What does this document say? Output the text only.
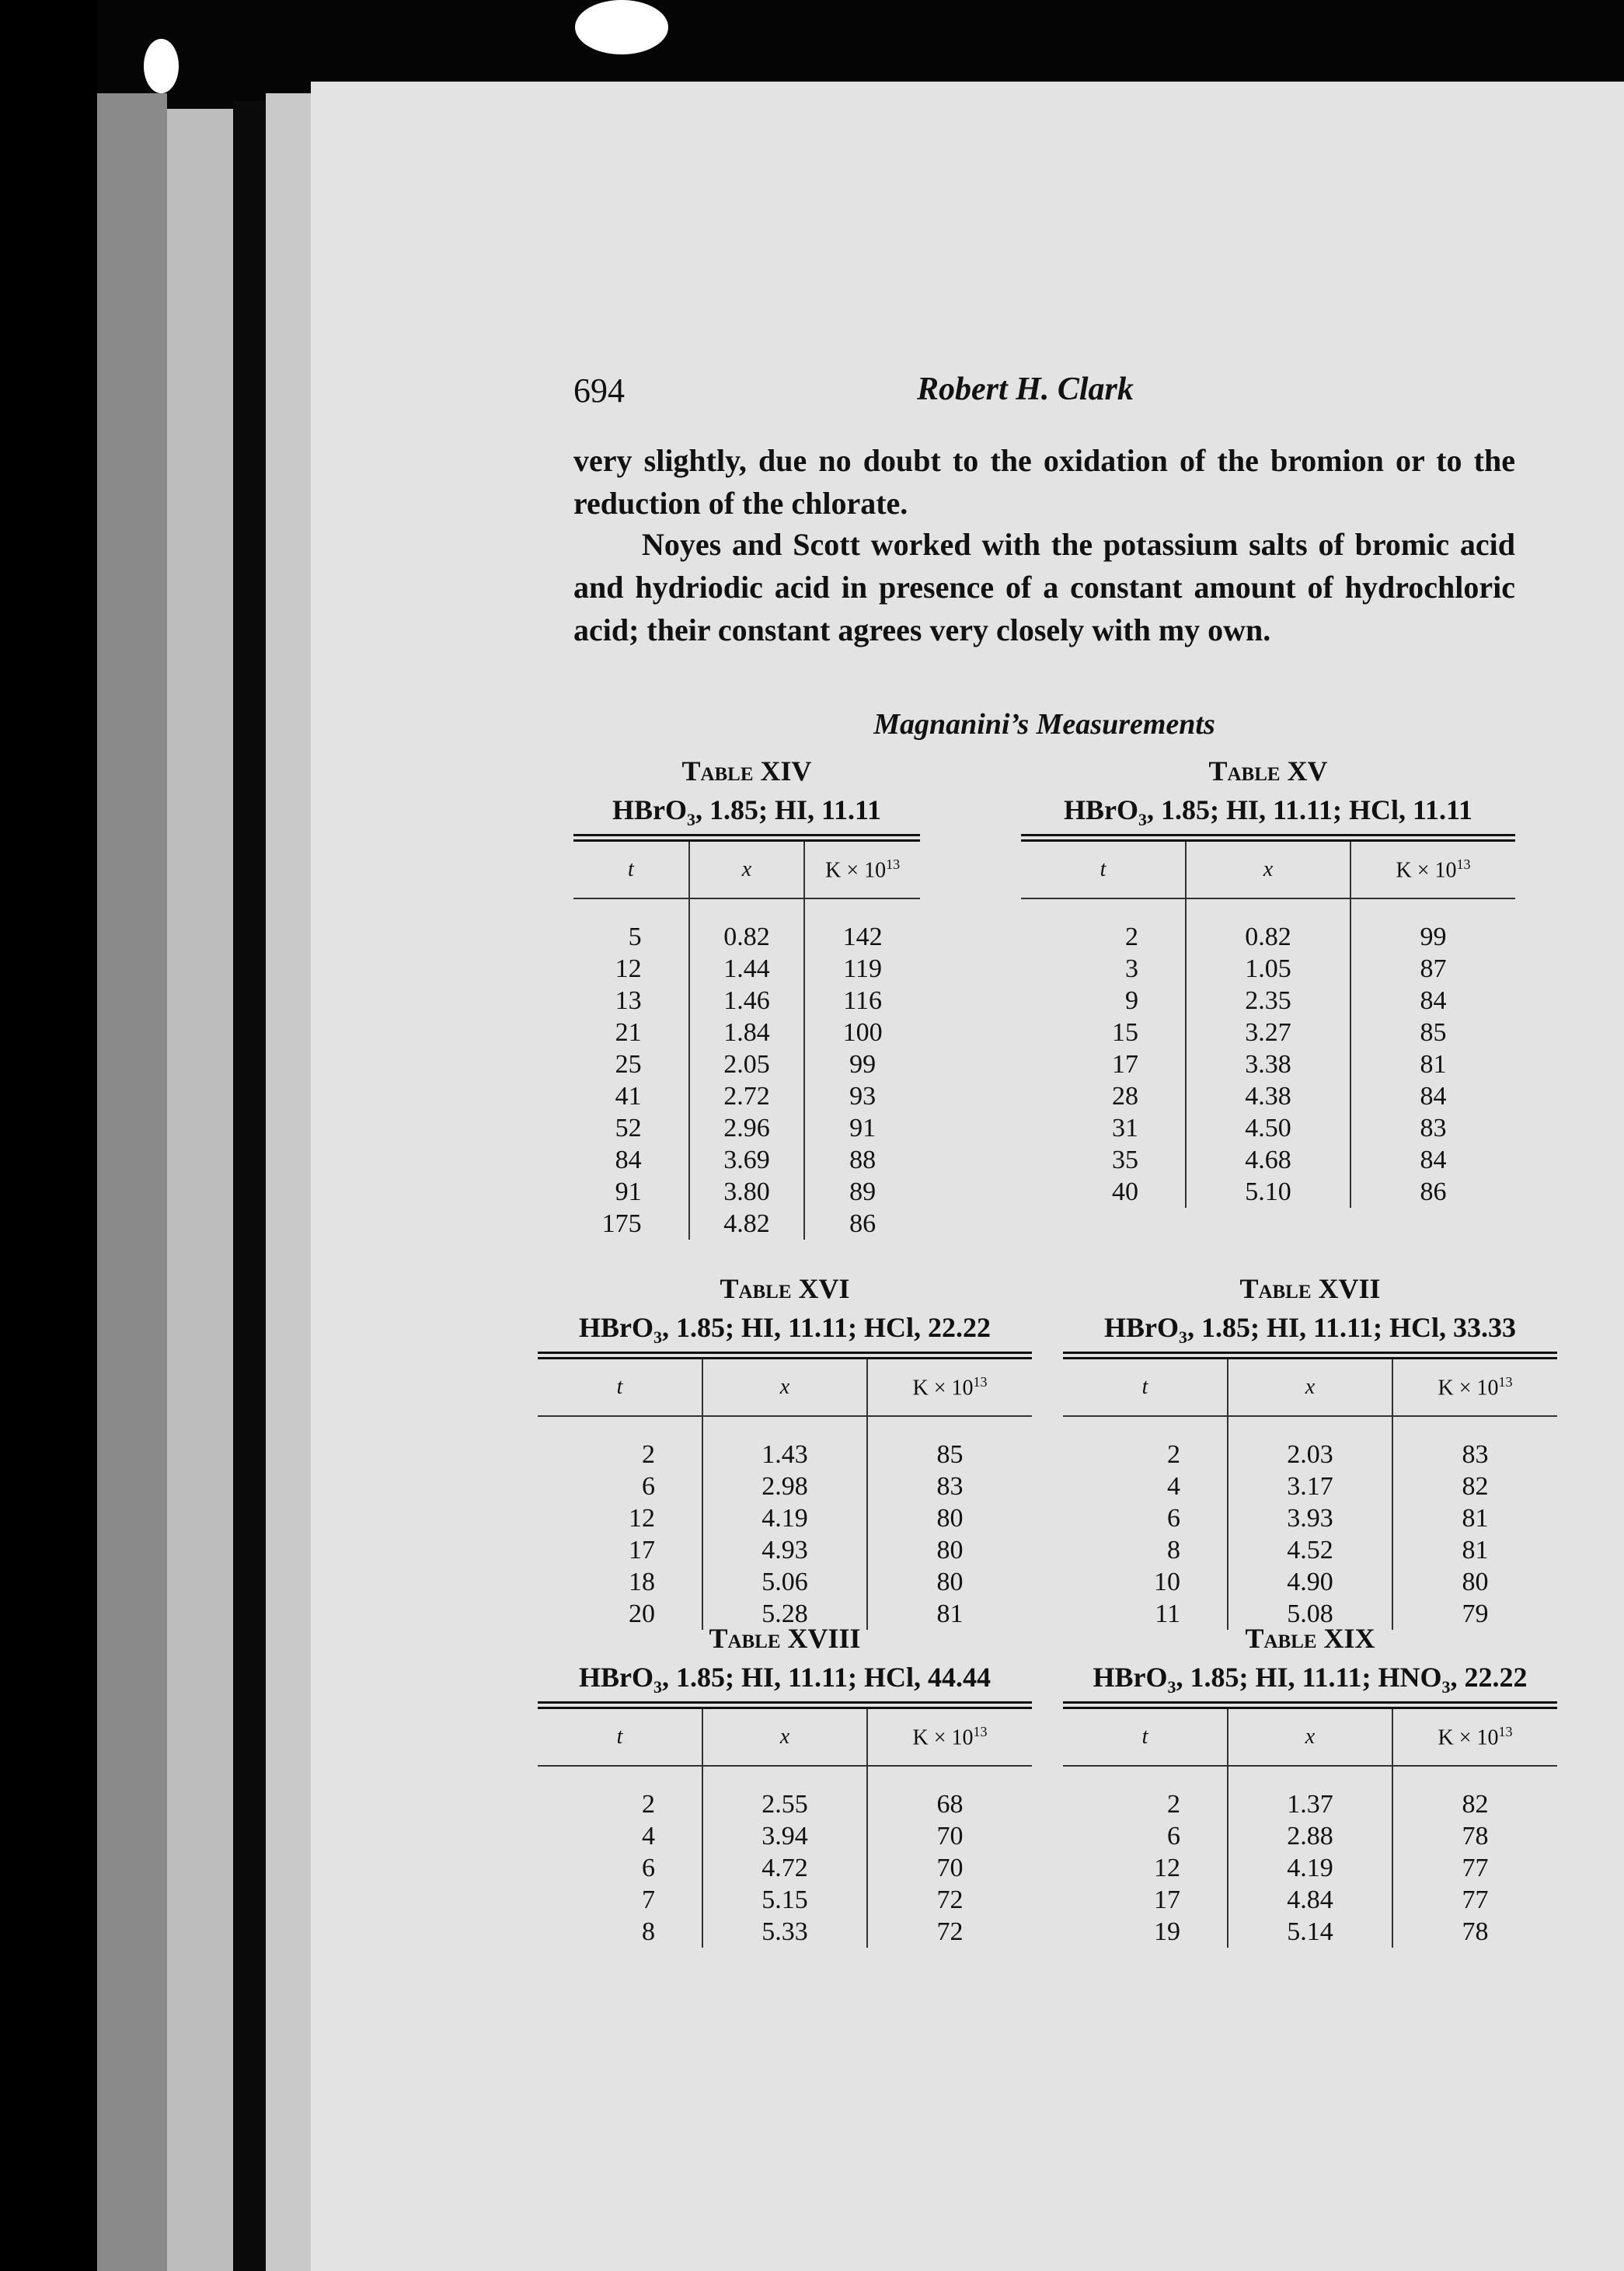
694	Robert H. Clark
very slightly, due no doubt to the oxidation of the bromion or to the reduction of the chlorate.
Noyes and Scott worked with the potassium salts of bromic acid and hydriodic acid in presence of a constant amount of hydrochloric acid; their constant agrees very closely with my own.
Magnanini’s Measurements
Table XIV
HBrO$_3$, 1.85; HI, 11.11
t	x	$K \times 10^{13}$
5	0.82	142
12	1.44	119
13	1.46	116
21	1.84	100
25	2.05	99
41	2.72	93
52	2.96	91
84	3.69	88
91	3.80	89
175	4.82	86
Table XV
HBrO$_3$, 1.85; HI, 11.11; HCl, 11.11
t	x	$K \times 10^{13}$
2	0.82	99
3	1.05	87
9	2.35	84
15	3.27	85
17	3.38	81
28	4.38	84
31	4.50	83
35	4.68	84
40	5.10	86
Table XVI
HBrO$_3$, 1.85; HI, 11.11; HCl, 22.22
t	x	$K \times 10^{13}$
2	1.43	85
6	2.98	83
12	4.19	80
17	4.93	80
18	5.06	80
20	5.28	81
Table XVII
HBrO$_3$, 1.85; HI, 11.11; HCl, 33.33
t	x	$K \times 10^{13}$
2	2.03	83
4	3.17	82
6	3.93	81
8	4.52	81
10	4.90	80
11	5.08	79
Table XVIII
HBrO$_3$, 1.85; HI, 11.11; HCl, 44.44
t	x	$K \times 10^{13}$
2	2.55	68
4	3.94	70
6	4.72	70
7	5.15	72
8	5.33	72
Table XIX
HBrO$_3$, 1.85; HI, 11.11; $HNO_3$, 22.22
t	x	$K \times 10^{13}$
2	1.37	82
6	2.88	78
12	4.19	77
17	4.84	77
19	5.14	78
